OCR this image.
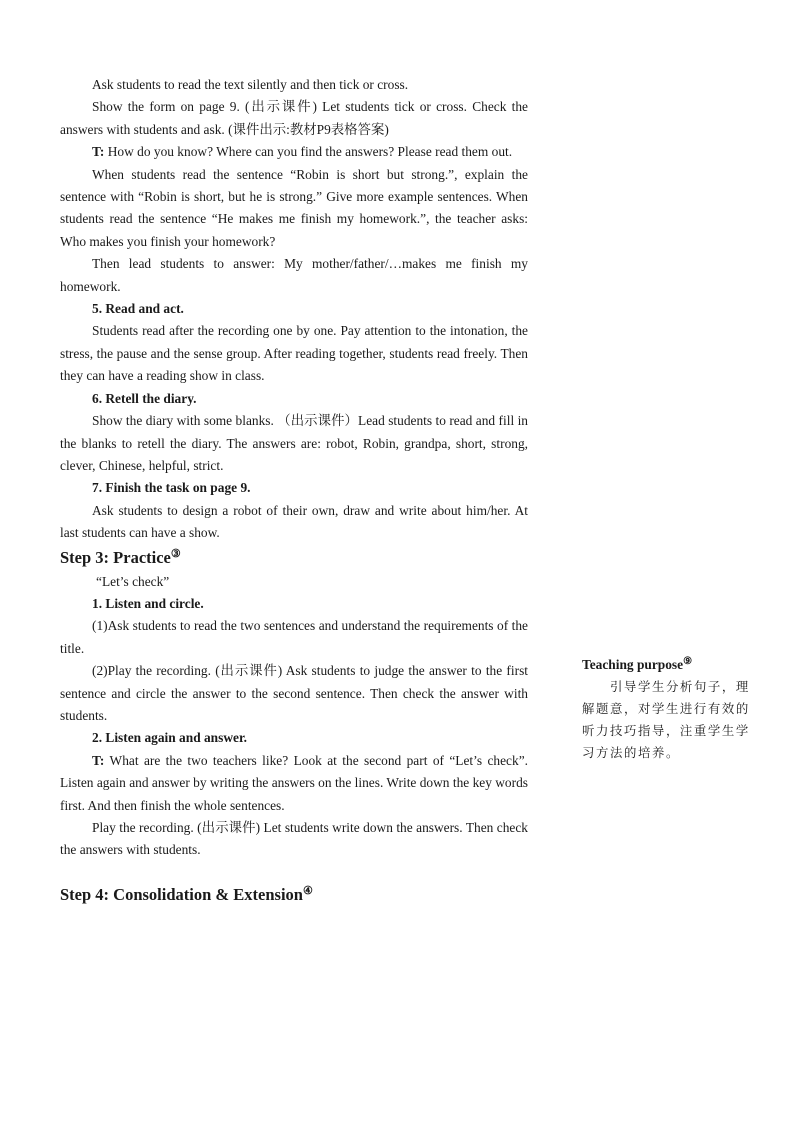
Ask students to read the text silently and then tick or cross.

Show the form on page 9. (出示课件) Let students tick or cross. Check the answers with students and ask. (课件出示:教材P9表格答案)

T: How do you know? Where can you find the answers? Please read them out.

When students read the sentence “Robin is short but strong.”, explain the sentence with “Robin is short, but he is strong.” Give more example sentences. When students read the sentence “He makes me finish my homework.”, the teacher asks: Who makes you finish your homework?

Then lead students to answer: My mother/father/…makes me finish my homework.

5. Read and act.

Students read after the recording one by one. Pay attention to the intonation, the stress, the pause and the sense group. After reading together, students read freely. Then they can have a reading show in class.

6. Retell the diary.

Show the diary with some blanks. （出示课件）Lead students to read and fill in the blanks to retell the diary. The answers are: robot, Robin, grandpa, short, strong, clever, Chinese, helpful, strict.

7. Finish the task on page 9.

Ask students to design a robot of their own, draw and write about him/her. At last students can have a show.

Step 3: Practice③

“Let’s check”

1. Listen and circle.

(1)Ask students to read the two sentences and understand the requirements of the title.

(2)Play the recording. (出示课件) Ask students to judge the answer to the first sentence and circle the answer to the second sentence. Then check the answer with students.

2. Listen again and answer.

T: What are the two teachers like? Look at the second part of “Let’s check”. Listen again and answer by writing the answers on the lines. Write down the key words first. And then finish the whole sentences.

Play the recording. (出示课件) Let students write down the answers. Then check the answers with students.

Step 4: Consolidation & Extension④

Teaching purpose⑨

引导学生分析句子，理解题意，对学生进行有效的听力技巧指导，注重学生学习方法的培养。
